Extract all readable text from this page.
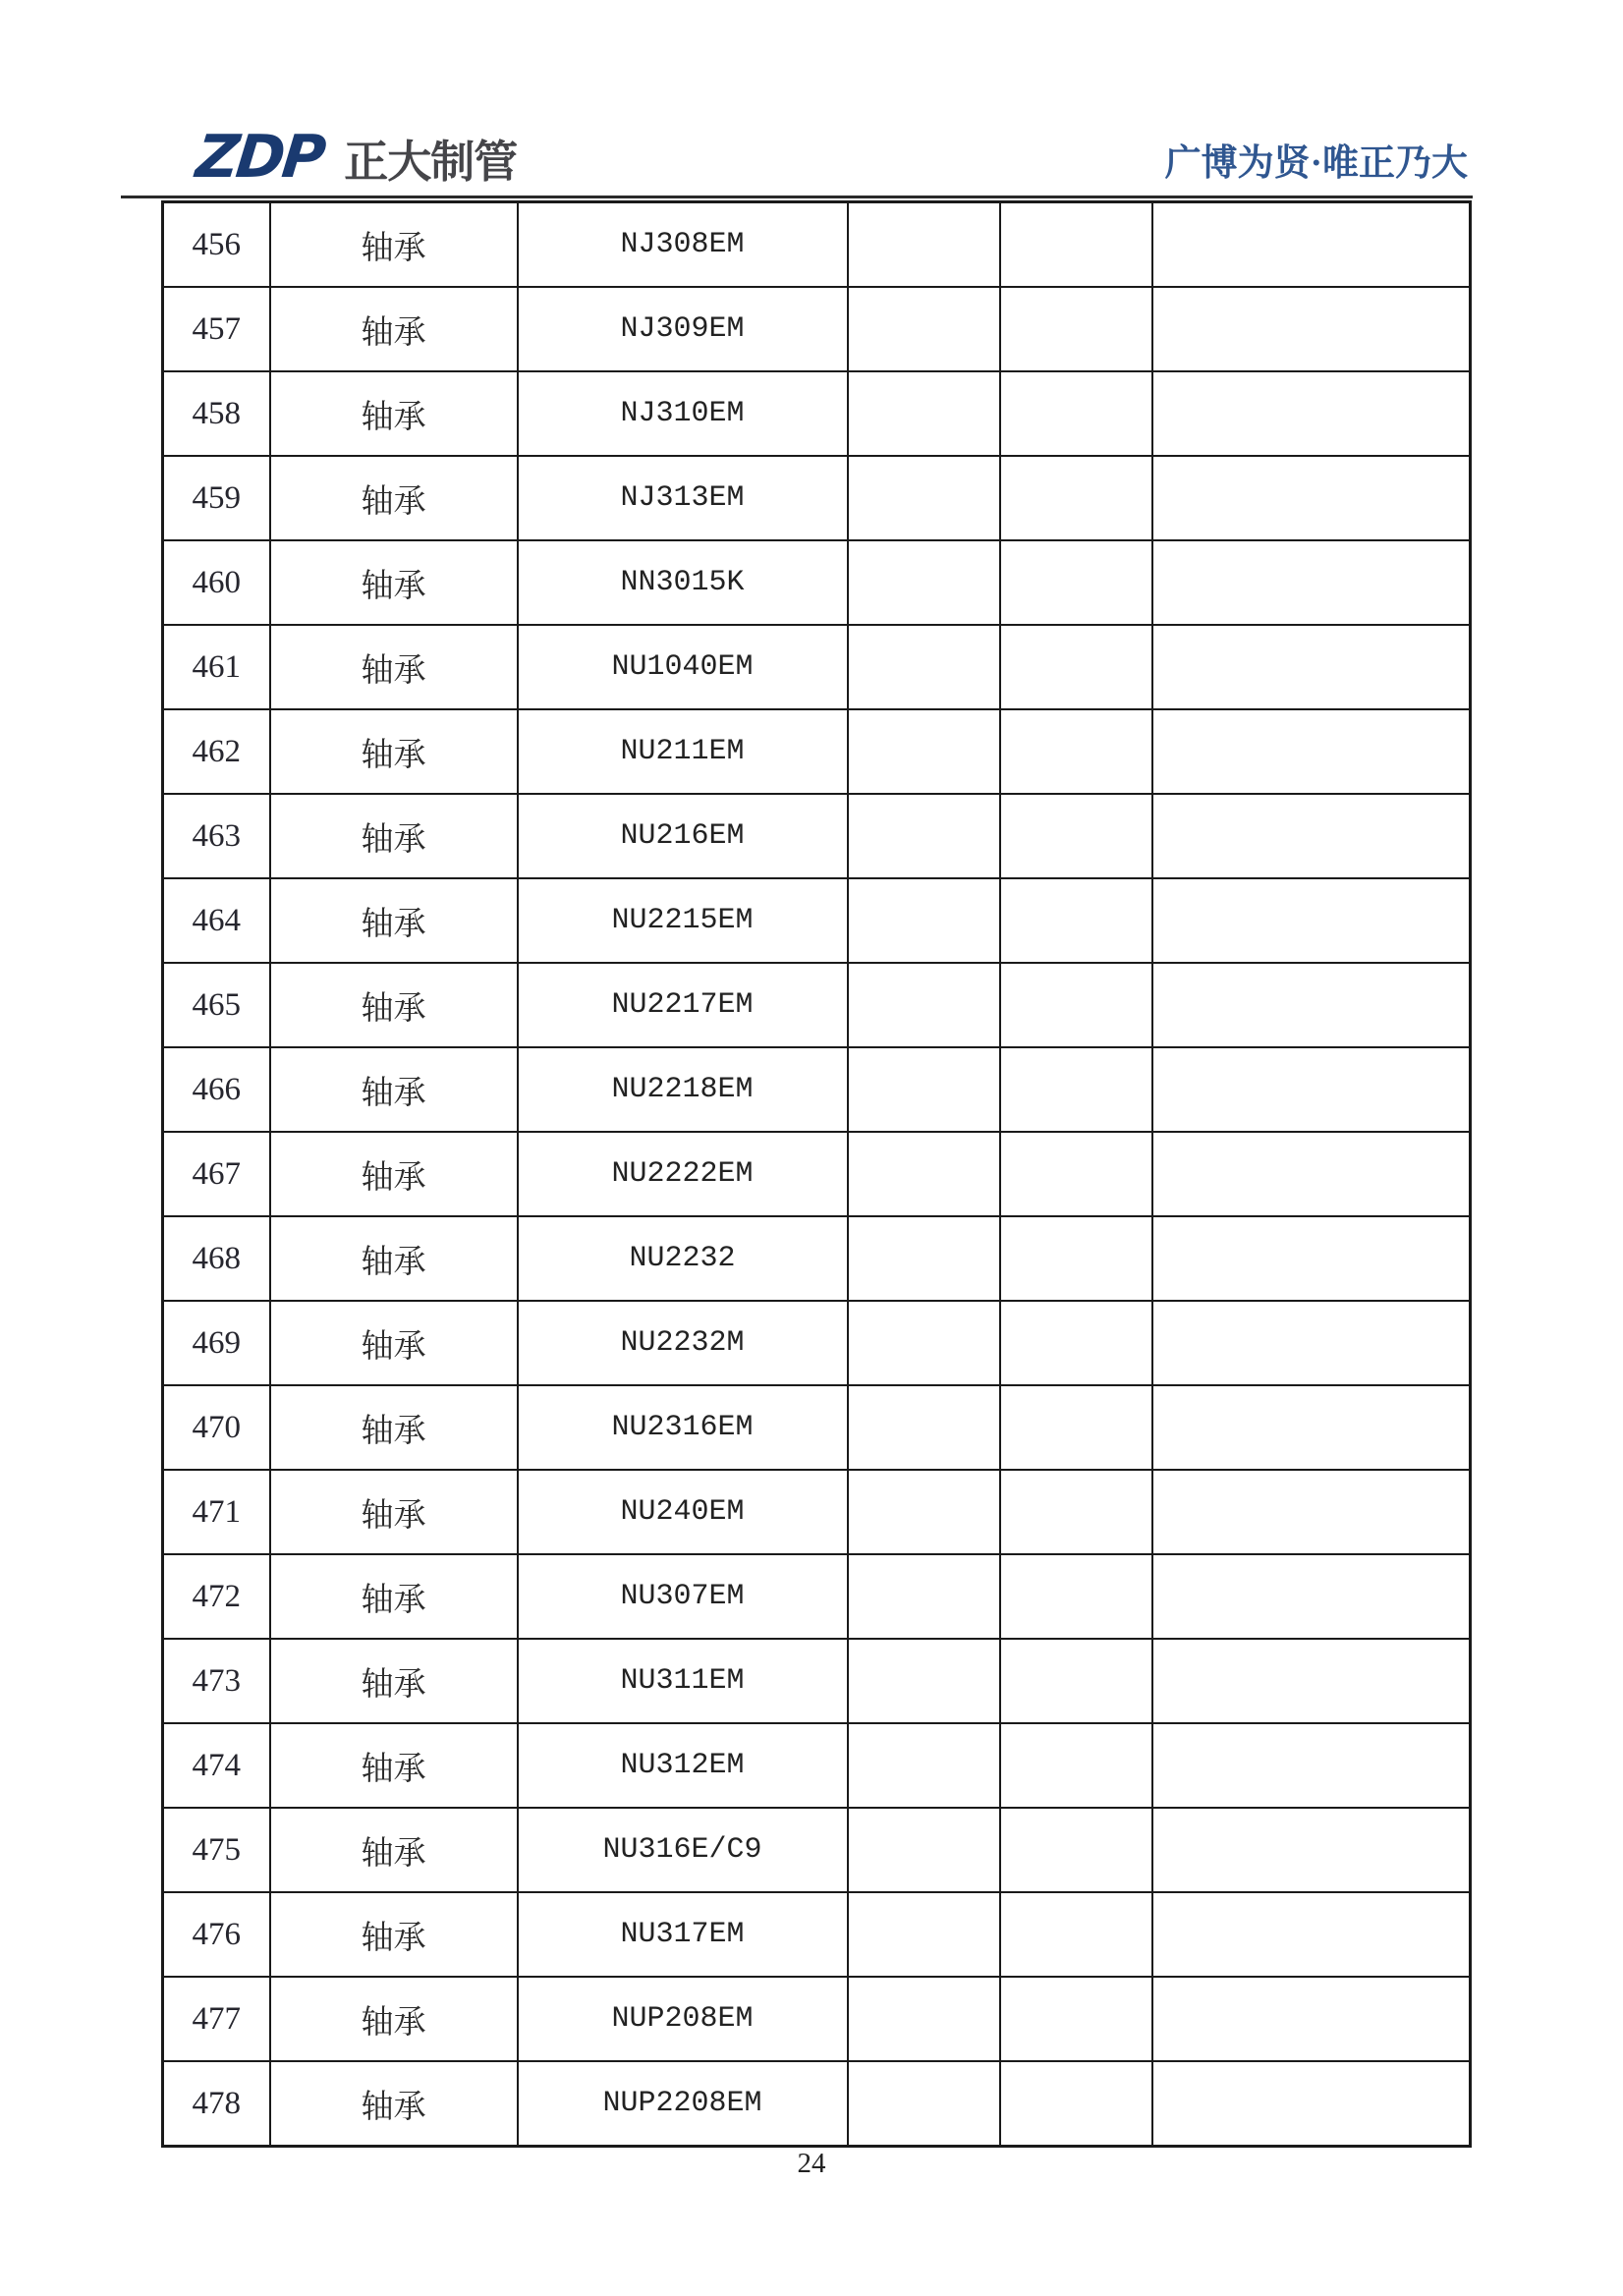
ZDP 正大制管	广博为贤·唯正乃大
456	轴承	NJ308EM			
457	轴承	NJ309EM			
458	轴承	NJ310EM			
459	轴承	NJ313EM			
460	轴承	NN3015K			
461	轴承	NU1040EM			
462	轴承	NU211EM			
463	轴承	NU216EM			
464	轴承	NU2215EM			
465	轴承	NU2217EM			
466	轴承	NU2218EM			
467	轴承	NU2222EM			
468	轴承	NU2232			
469	轴承	NU2232M			
470	轴承	NU2316EM			
471	轴承	NU240EM			
472	轴承	NU307EM			
473	轴承	NU311EM			
474	轴承	NU312EM			
475	轴承	NU316E/C9			
476	轴承	NU317EM			
477	轴承	NUP208EM			
478	轴承	NUP2208EM			
24
